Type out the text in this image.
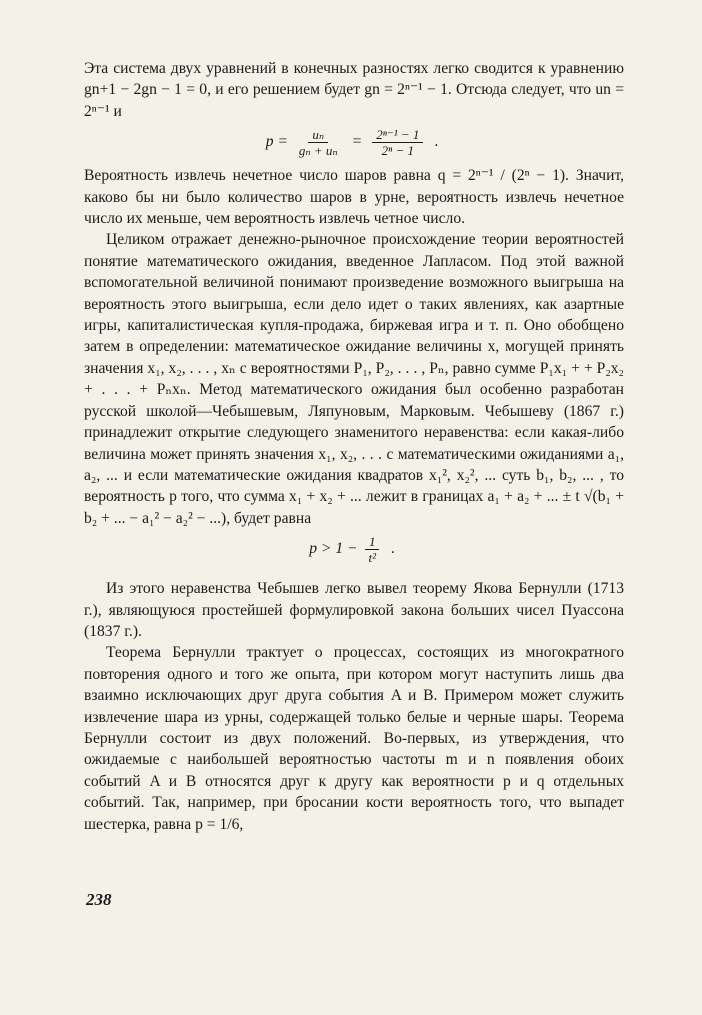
Эта система двух уравнений в конечных разностях легко сводится к уравнению gn+1 − 2gn − 1 = 0, и его решением будет gn = 2ⁿ⁻¹ − 1. Отсюда следует, что un = 2ⁿ⁻¹ и

$p = \frac{\text{uₙ}}{\text{gₙ + uₙ}} = \frac{\text{2ⁿ⁻¹ − 1}}{\text{2ⁿ − 1}}$ .

Вероятность извлечь нечетное число шаров равна q = 2ⁿ⁻¹ / (2ⁿ − 1). Значит, каково бы ни было количество шаров в урне, вероятность извлечь нечетное число их меньше, чем вероятность извлечь четное число.

Целиком отражает денежно-рыночное происхождение теории вероятностей понятие математического ожидания, введенное Лапласом. Под этой важной вспомогательной величиной понимают произведение возможного выигрыша на вероятность этого выигрыша, если дело идет о таких явлениях, как азартные игры, капиталистическая купля-продажа, биржевая игра и т. п. Оно обобщено затем в определении: математическое ожидание величины x, могущей принять значения x₁, x₂, . . . , xₙ с вероятностями P₁, P₂, . . . , Pₙ, равно сумме P₁x₁ + + P₂x₂ + . . . + Pₙxₙ. Метод математического ожидания был особенно разработан русской школой—Чебышевым, Ляпуновым, Марковым. Чебышеву (1867 г.) принадлежит открытие следующего знаменитого неравенства: если какая-либо величина может принять значения x₁, x₂, . . . с математическими ожиданиями a₁, a₂, ... и если математические ожидания квадратов x₁², x₂², ... суть b₁, b₂, ... , то вероятность p того, что сумма x₁ + x₂ + ... лежит в границах a₁ + a₂ + ... ± t √(b₁ + b₂ + ... − a₁² − a₂² − ...), будет равна

$p > 1 - \frac{1}{\text{t²}}$ .

Из этого неравенства Чебышев легко вывел теорему Якова Бернулли (1713 г.), являющуюся простейшей формулировкой закона больших чисел Пуассона (1837 г.).

Теорема Бернулли трактует о процессах, состоящих из многократного повторения одного и того же опыта, при котором могут наступить лишь два взаимно исключающих друг друга события A и B. Примером может служить извлечение шара из урны, содержащей только белые и черные шары. Теорема Бернулли состоит из двух положений. Во-первых, из утверждения, что ожидаемые с наибольшей вероятностью частоты m и n появления обоих событий A и B относятся друг к другу как вероятности p и q отдельных событий. Так, например, при бросании кости вероятность того, что выпадет шестерка, равна p = 1/6,

238
